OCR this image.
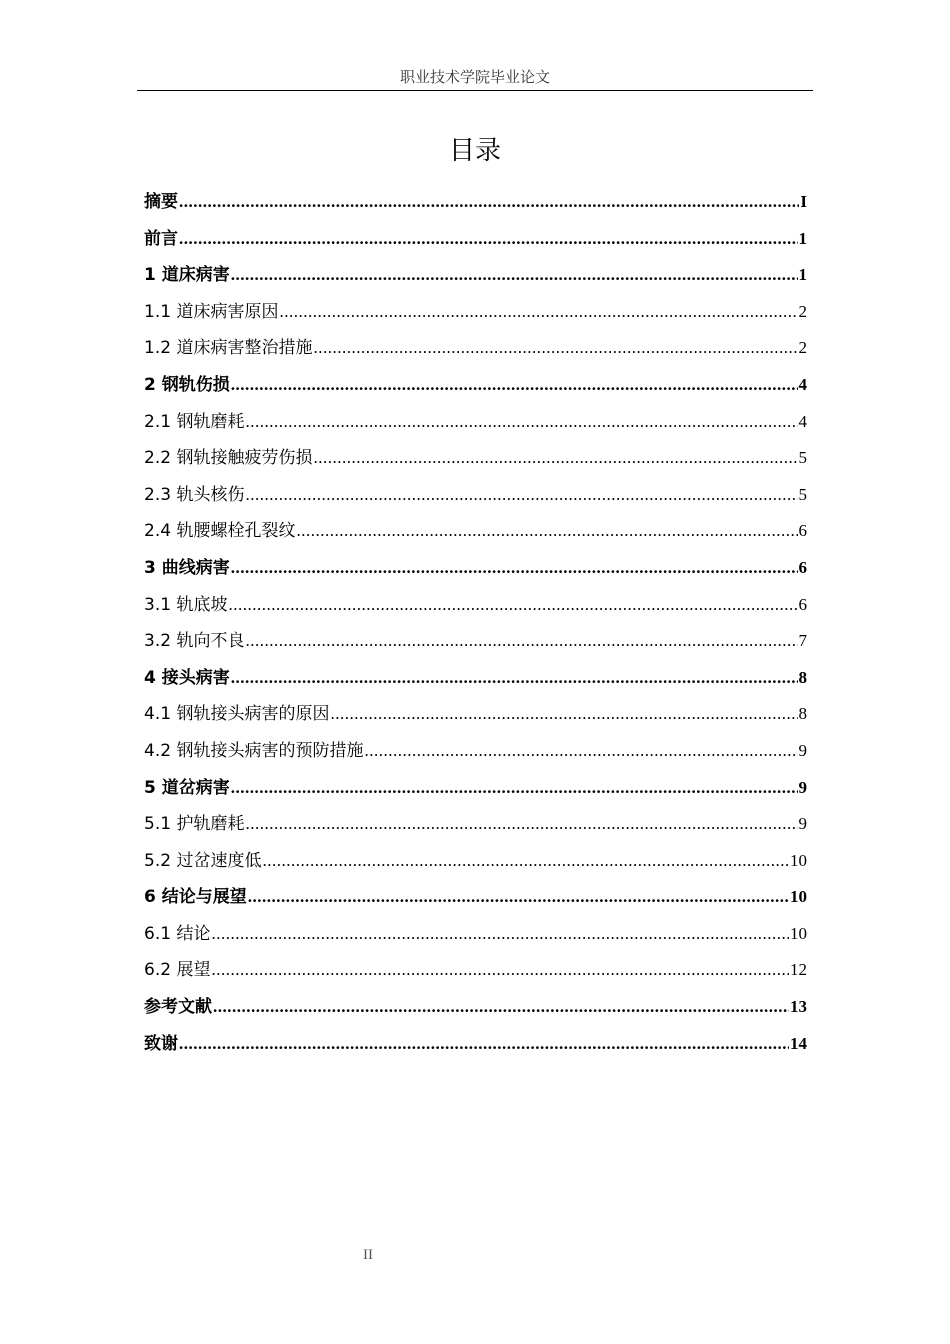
职业技术学院毕业论文
目录
摘要 .....	I
前言 .....	1
1 道床病害 .....	1
1.1 道床病害原因 .....	2
1.2 道床病害整治措施 .....	2
2 钢轨伤损 .....	4
2.1 钢轨磨耗 .....	4
2.2 钢轨接触疲劳伤损 .....	5
2.3 轨头核伤 .....	5
2.4 轨腰螺栓孔裂纹 .....	6
3 曲线病害 .....	6
3.1 轨底坡 .....	6
3.2 轨向不良 .....	7
4 接头病害 .....	8
4.1 钢轨接头病害的原因 .....	8
4.2 钢轨接头病害的预防措施 .....	9
5 道岔病害 .....	9
5.1 护轨磨耗 .....	9
5.2 过岔速度低 .....	10
6 结论与展望 .....	10
6.1 结论 .....	10
6.2 展望 .....	12
参考文献 .....	13
致谢 .....	14
II
